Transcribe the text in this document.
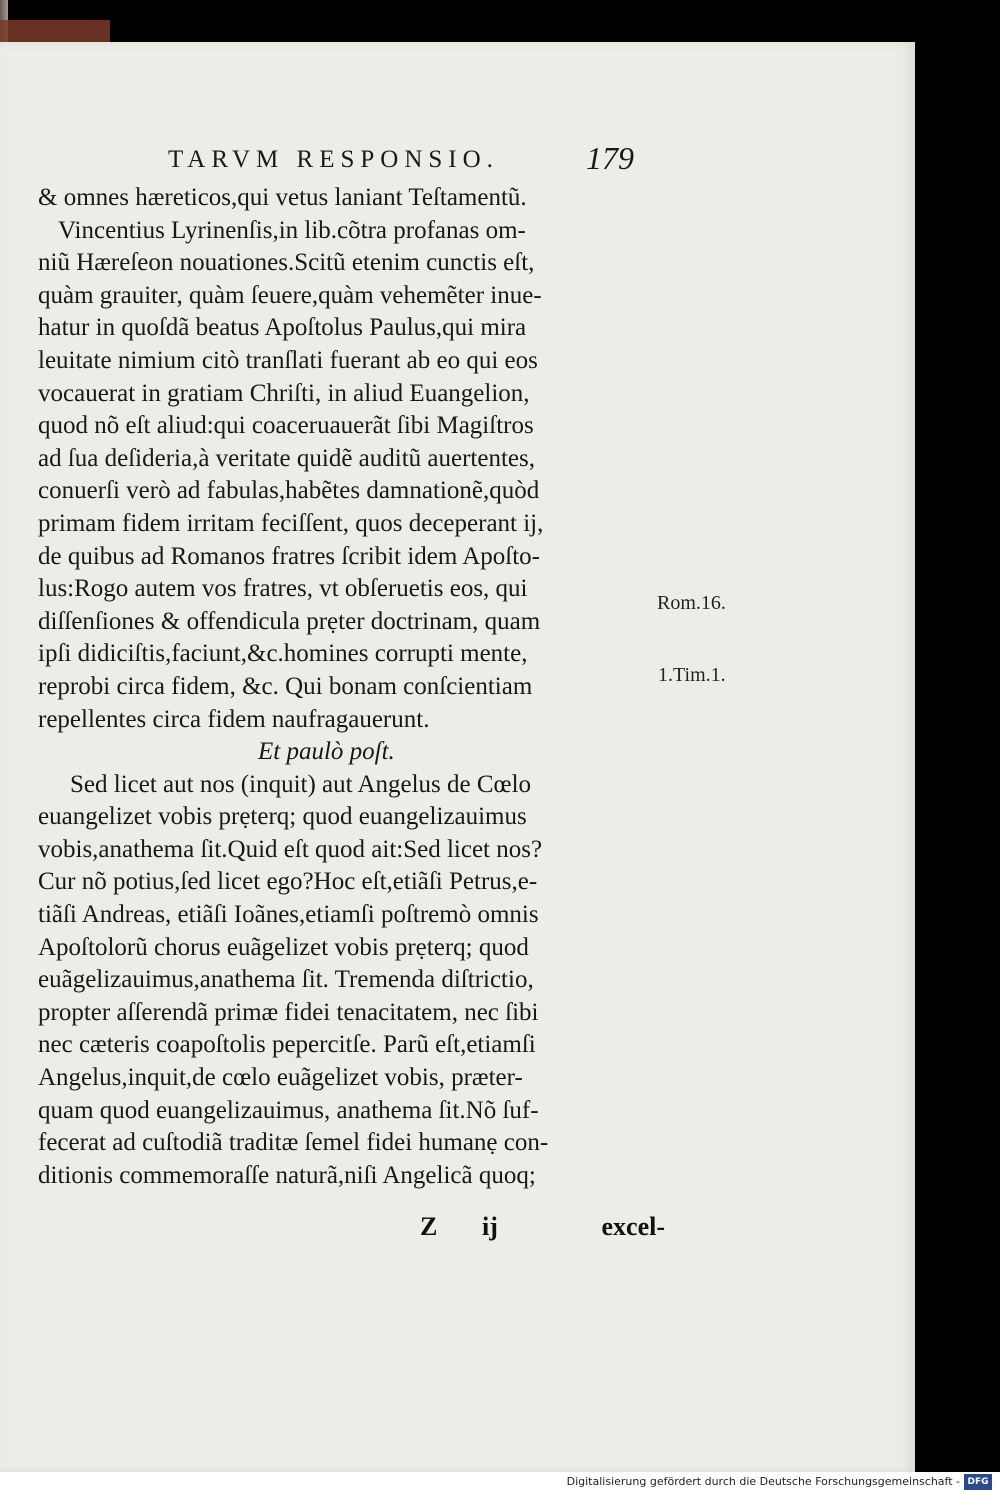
TARVM RESPONSIO.	179
& omnes hæreticos,qui vetus laniant Teſtamentũ.
Vincentius Lyrinenſis,in lib.cõtra profanas om-
niũ Hæreſeon nouationes.Scitũ etenim cunctis eſt,
quàm grauiter, quàm ſeuere,quàm vehemẽter inue-
hatur in quoſdã beatus Apoſtolus Paulus,qui mira
leuitate nimium citò tranſlati fuerant ab eo qui eos
vocauerat in gratiam Chriſti, in aliud Euangelion,
quod nõ eſt aliud:qui coaceruauerãt ſibi Magiſtros
ad ſua deſideria,à veritate quidẽ auditũ auertentes,
conuerſi verò ad fabulas,habẽtes damnationẽ,quòd
primam fidem irritam feciſſent, quos deceperant ij,
de quibus ad Romanos fratres ſcribit idem Apoſto-
lus:Rogo autem vos fratres, vt obſeruetis eos, qui
diſſenſiones & offendicula prẹter doctrinam, quam
ipſi didiciſtis,faciunt,&c.homines corrupti mente,
reprobi circa fidem, &c. Qui bonam conſcientiam
repellentes circa fidem naufragauerunt.
Et paulò poſt.
Sed licet aut nos (inquit) aut Angelus de Cœlo
euangelizet vobis prẹterq; quod euangelizauimus
vobis,anathema ſit.Quid eſt quod ait:Sed licet nos?
Cur nõ potius,ſed licet ego?Hoc eſt,etiãſi Petrus,e-
tiãſi Andreas, etiãſi Ioãnes,etiamſi poſtremò omnis
Apoſtolorũ chorus euãgelizet vobis prẹterq; quod
euãgelizauimus,anathema ſit. Tremenda diſtrictio,
propter aſſerendã primæ fidei tenacitatem, nec ſibi
nec cæteris coapoſtolis pepercitſe. Parũ eſt,etiamſi
Angelus,inquit,de cœlo euãgelizet vobis, præter-
quam quod euangelizauimus, anathema ſit.Nõ ſuf-
fecerat ad cuſtodiã traditæ ſemel fidei humanẹ con-
ditionis commemoraſſe naturã,niſi Angelicã quoq;
Rom.16.
1.Tim.1.
Z ij	excel-
Digitalisierung gefördert durch die Deutsche Forschungsgemeinschaft - DFG
